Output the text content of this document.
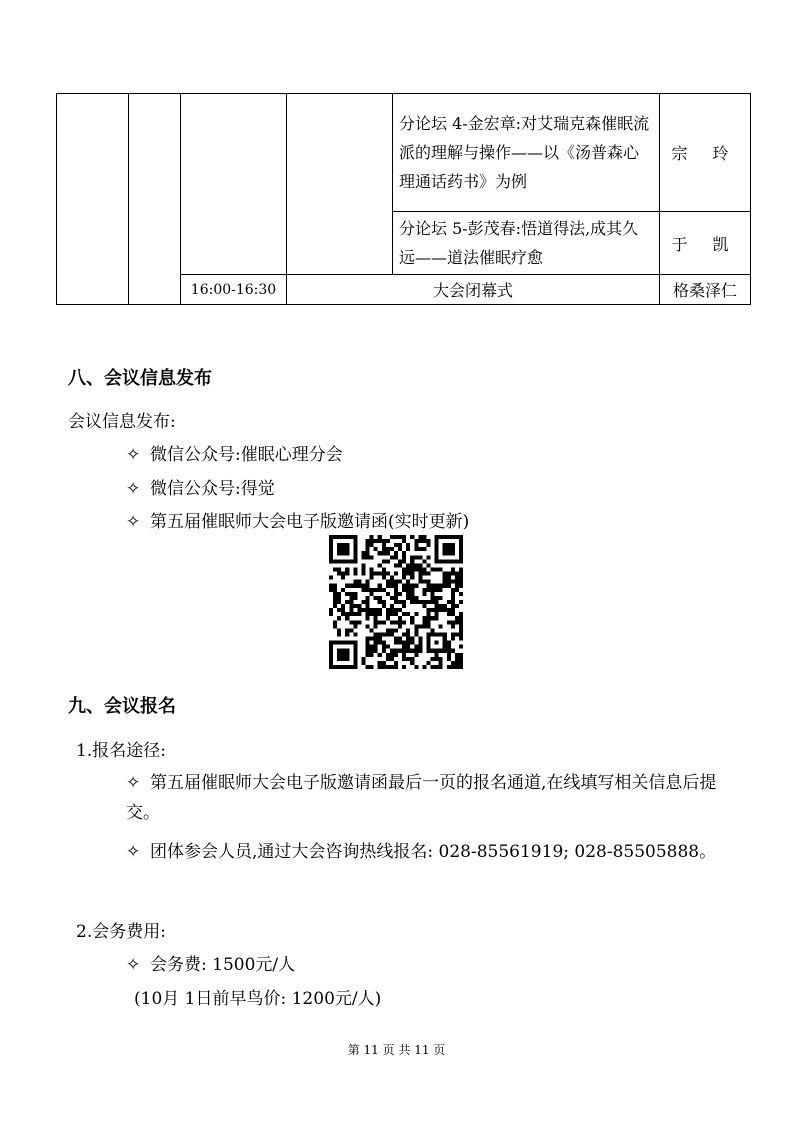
				分论坛 4-金宏章:对艾瑞克森催眠流派的理解与操作——以《汤普森心理通话药书》为例	宗 玲
				分论坛 5-彭茂春:悟道得法,成其久远——道法催眠疗愈	于 凯
		16:00-16:30	大会闭幕式		格桑泽仁
八、会议信息发布
会议信息发布:
✧ 微信公众号:催眠心理分会
✧ 微信公众号:得觉
✧ 第五届催眠师大会电子版邀请函(实时更新)
九、会议报名
1.报名途径:
✧ 第五届催眠师大会电子版邀请函最后一页的报名通道,在线填写相关信息后提交。
✧ 团体参会人员,通过大会咨询热线报名: 028-85561919; 028-85505888。
2.会务费用:
✧ 会务费: 1500元/人
(10月 1日前早鸟价: 1200元/人)
第 11 页 共 11 页
